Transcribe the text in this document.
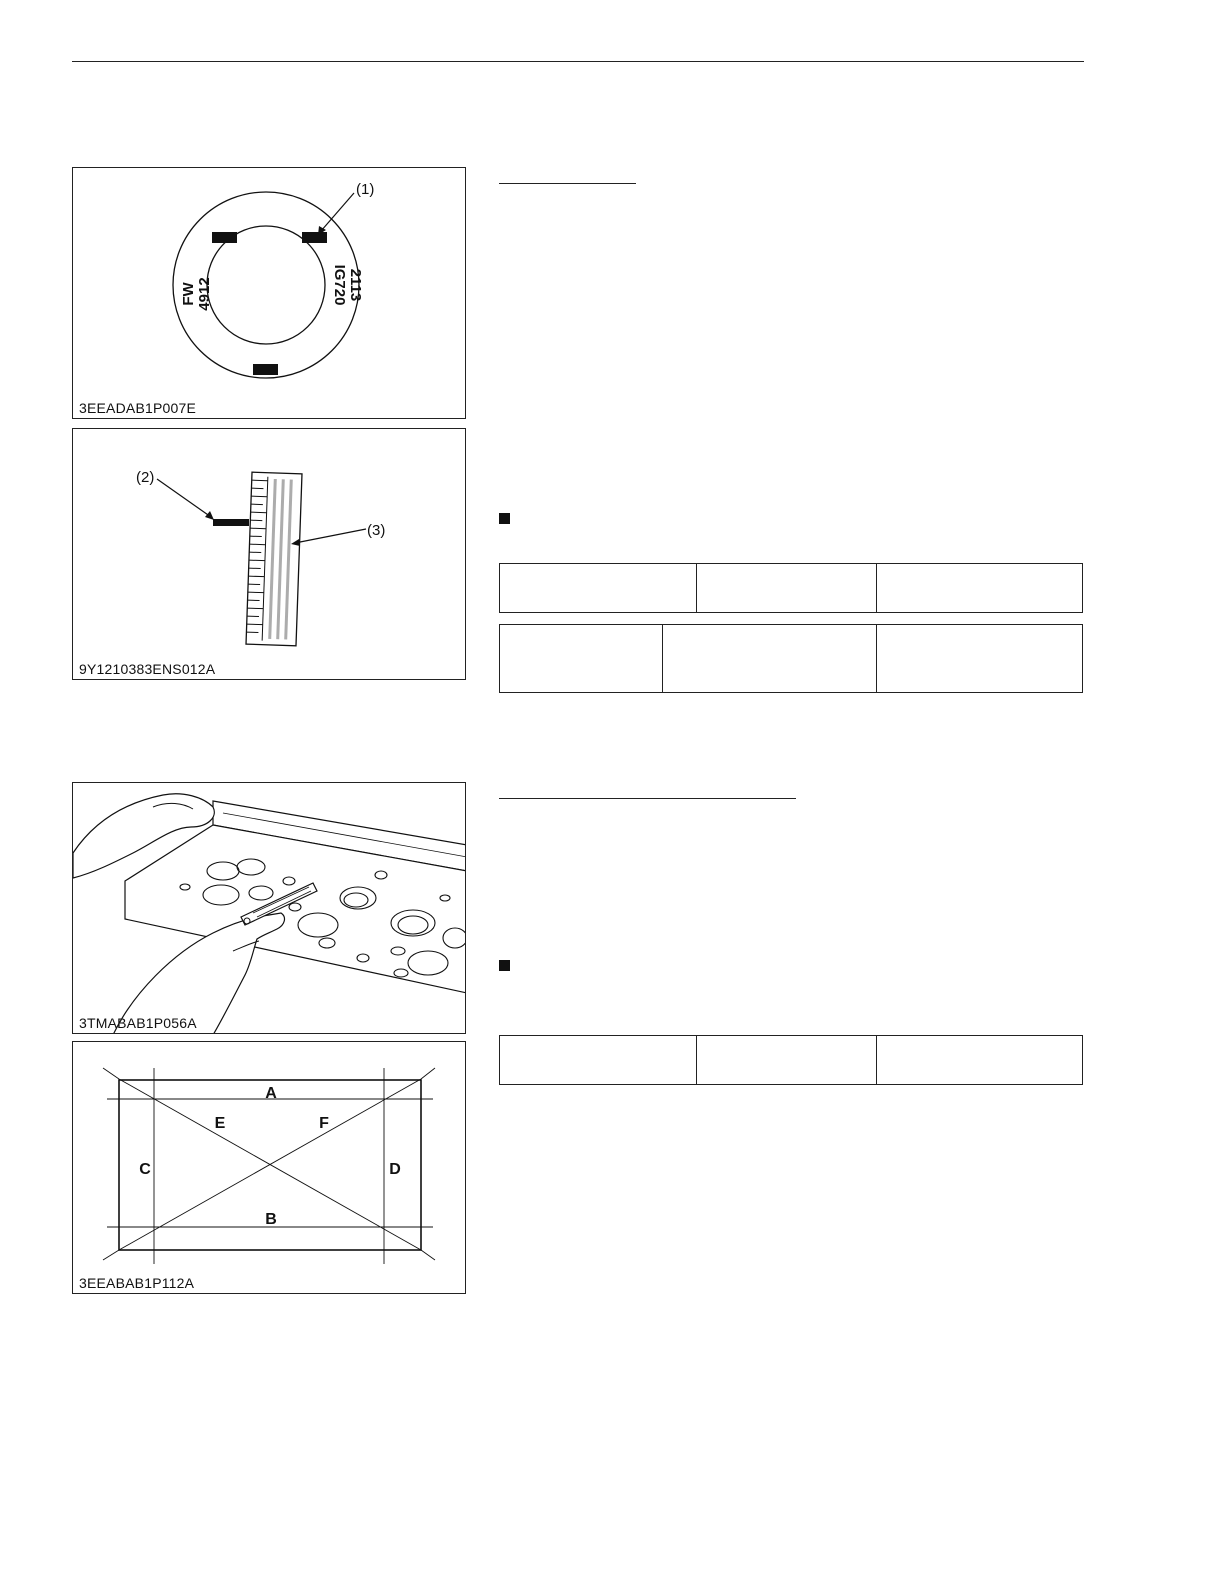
FW 4912	IG720 2113
(1)
3EEADAB1P007E
(2)
(3)
9Y1210383ENS012A
3TMABAB1P056A
A
B
C	D
E	F
3EEABAB1P112A
